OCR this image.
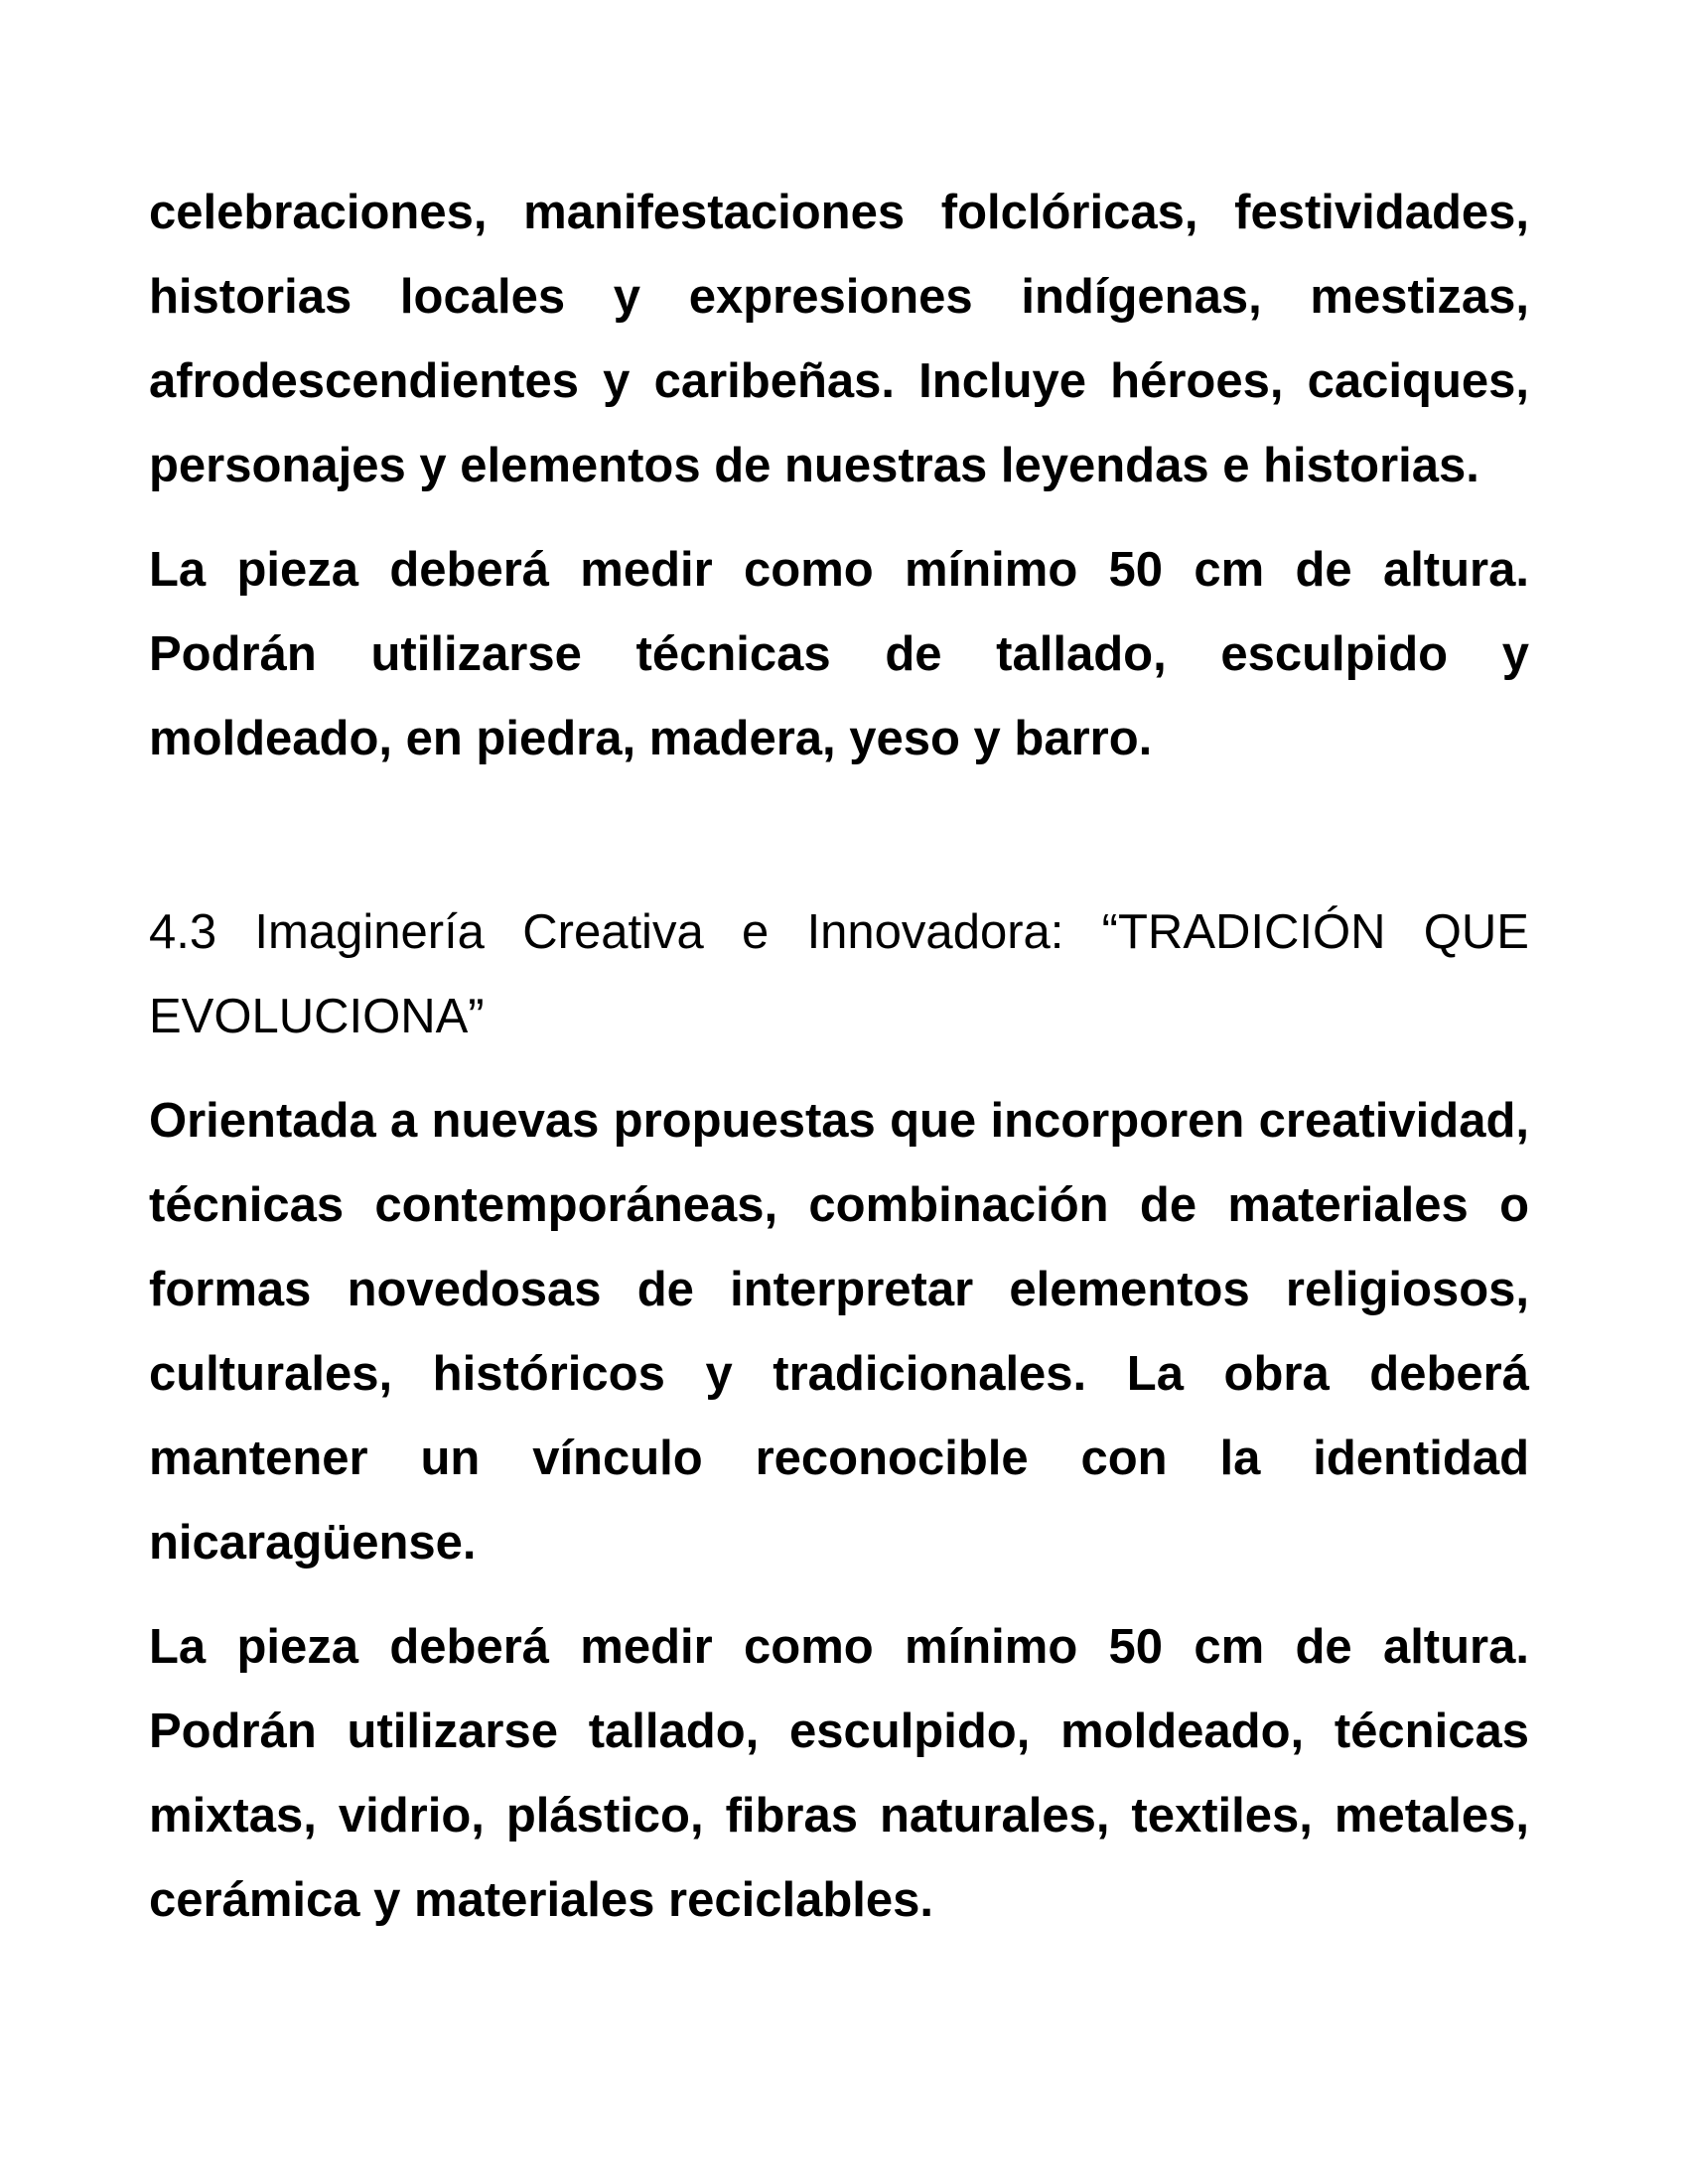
celebraciones, manifestaciones folclóricas, festividades, historias locales y expresiones indígenas, mestizas, afrodescendientes y caribeñas. Incluye héroes, caciques, personajes y elementos de nuestras leyendas e historias.

La pieza deberá medir como mínimo 50 cm de altura. Podrán utilizarse técnicas de tallado, esculpido y moldeado, en piedra, madera, yeso y barro.

4.3 Imaginería Creativa e Innovadora: “TRADICIÓN QUE EVOLUCIONA”

Orientada a nuevas propuestas que incorporen creatividad, técnicas contemporáneas, combinación de materiales o formas novedosas de interpretar elementos religiosos, culturales, históricos y tradicionales. La obra deberá mantener un vínculo reconocible con la identidad nicaragüense.

La pieza deberá medir como mínimo 50 cm de altura. Podrán utilizarse tallado, esculpido, moldeado, técnicas mixtas, vidrio, plástico, fibras naturales, textiles, metales, cerámica y materiales reciclables.
